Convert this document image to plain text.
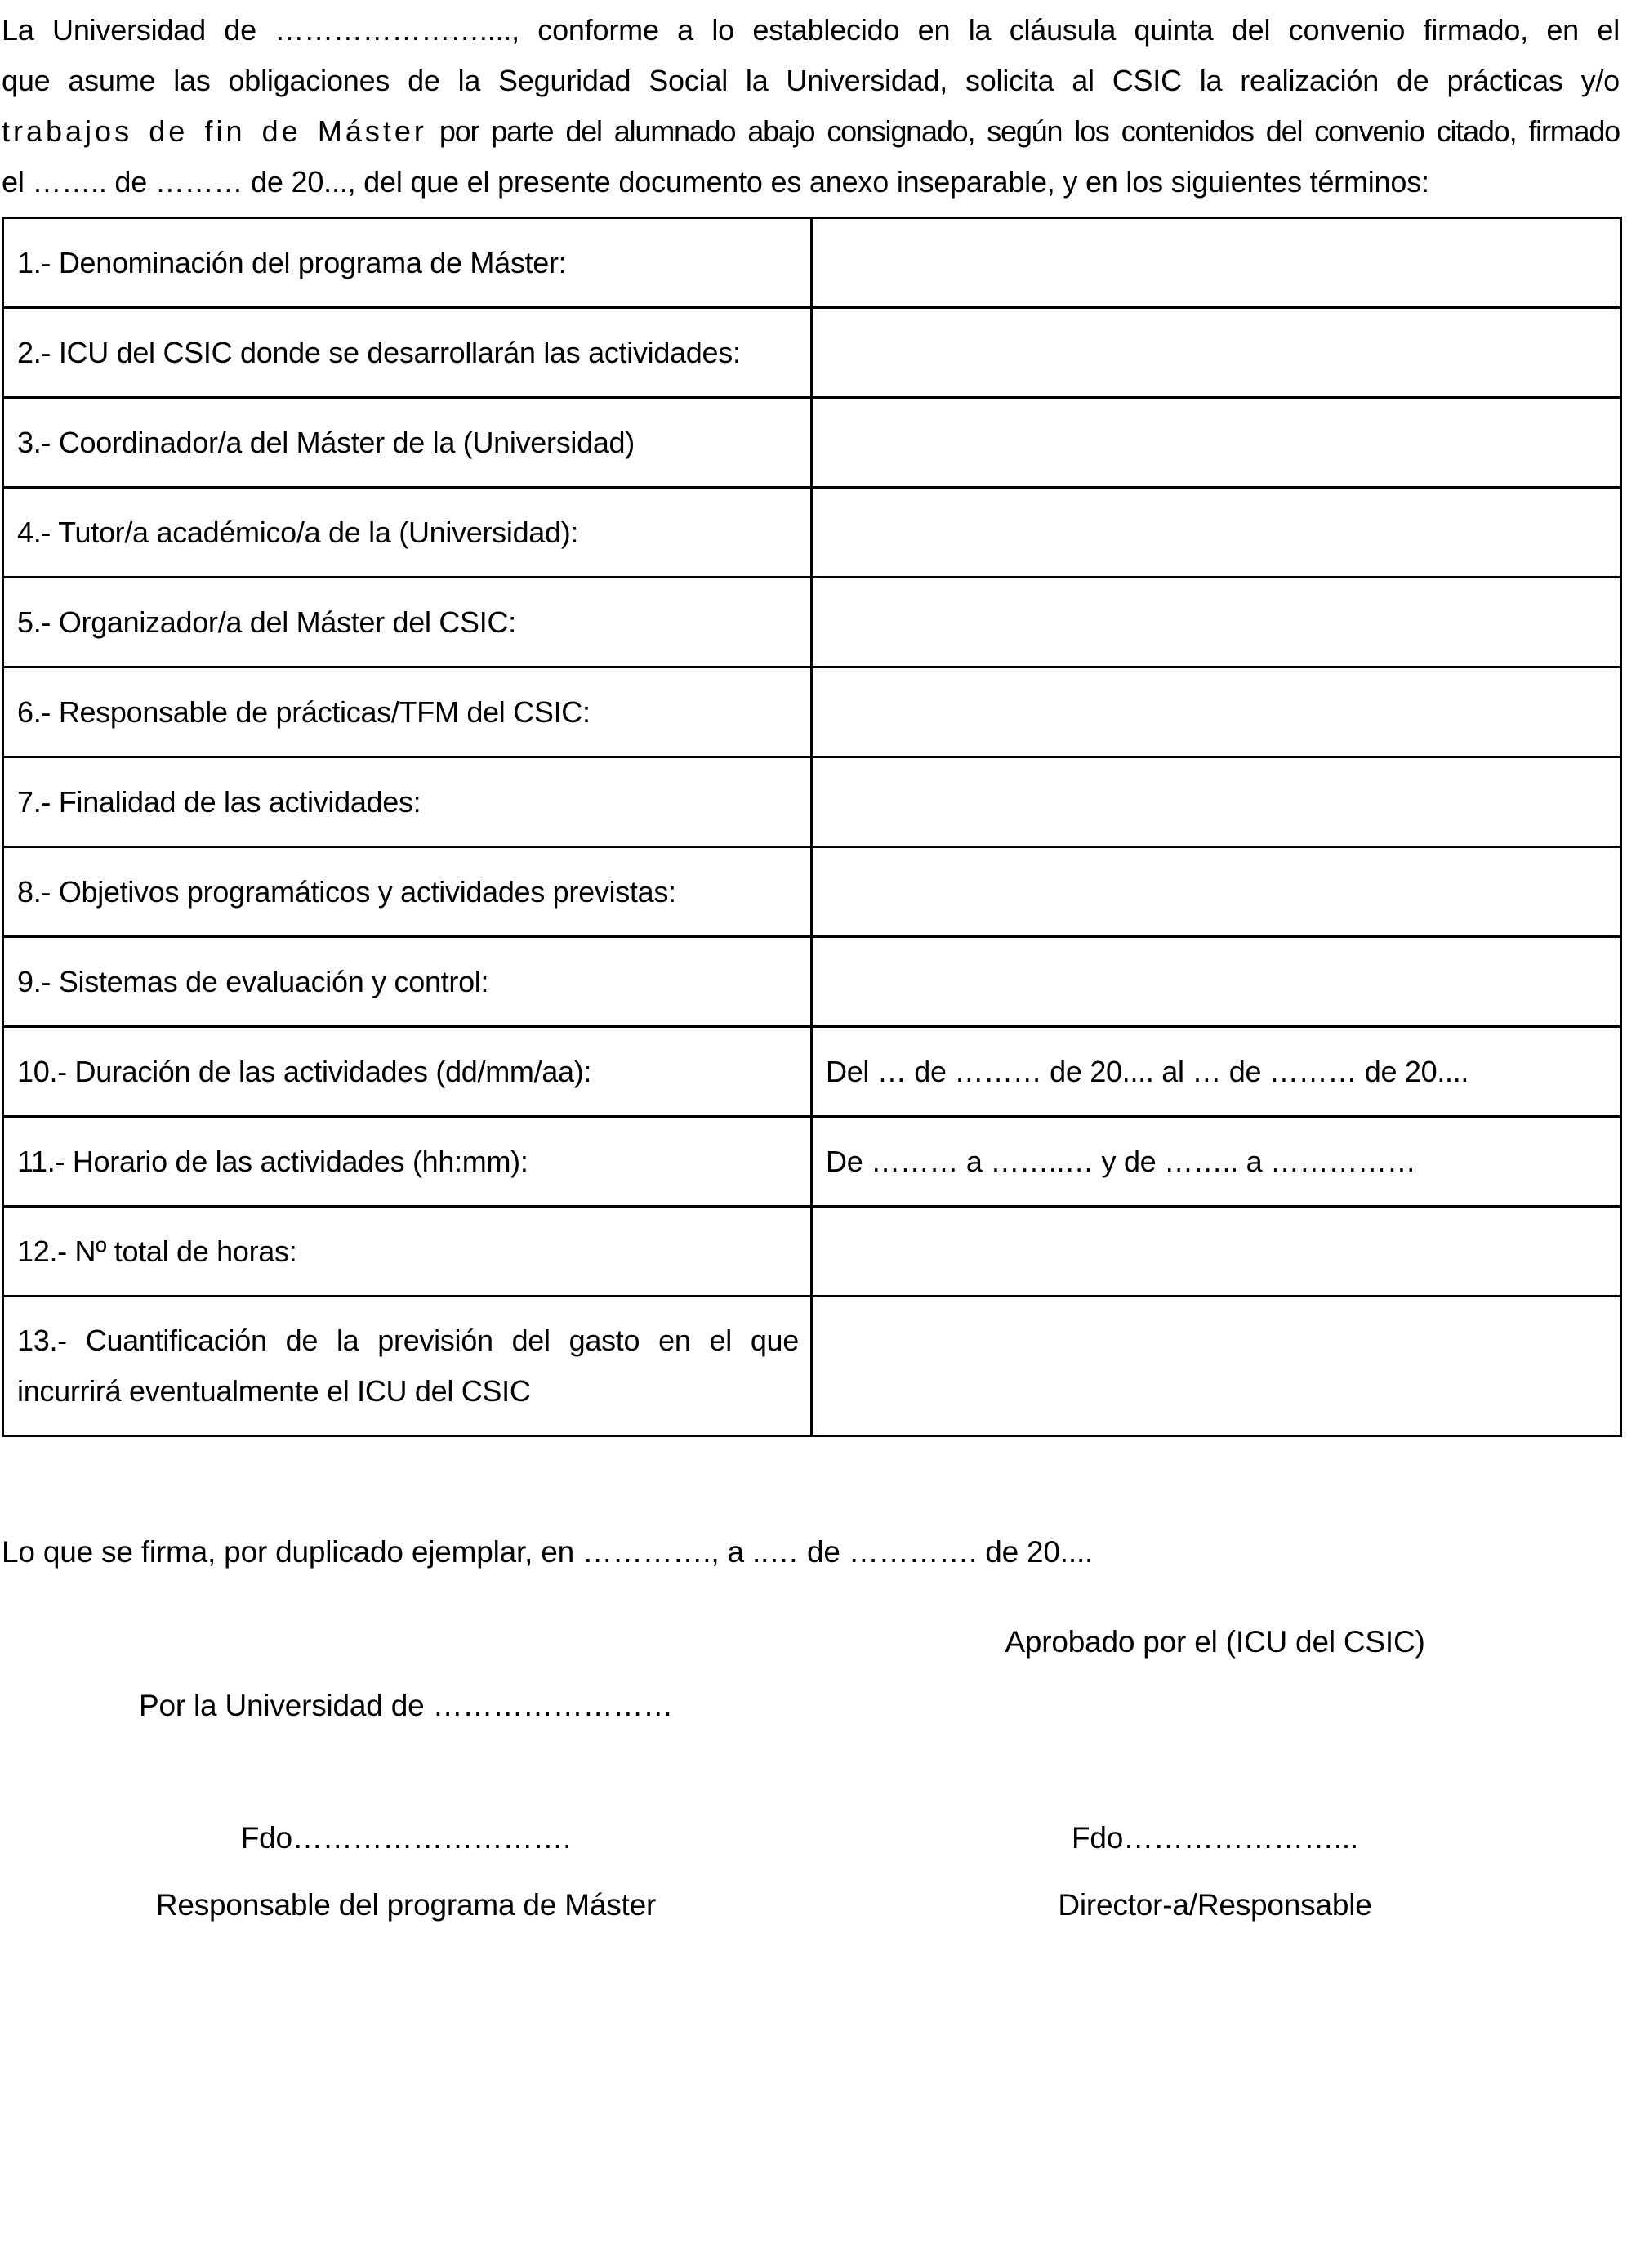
La Universidad de …………………...., conforme a lo establecido en la cláusula quinta del convenio firmado, en el
que asume las obligaciones de la Seguridad Social la Universidad, solicita al CSIC la realización de prácticas y/o
trabajos de fin de Máster por parte del alumnado abajo consignado, según los contenidos del convenio citado, firmado
el …….. de ……… de 20..., del que el presente documento es anexo inseparable, y en los siguientes términos:
1.- Denominación del programa de Máster:	
2.- ICU del CSIC donde se desarrollarán las actividades:	
3.- Coordinador/a del Máster de la (Universidad)	
4.- Tutor/a académico/a de la (Universidad):	
5.- Organizador/a del Máster del CSIC:	
6.- Responsable de prácticas/TFM del CSIC:	
7.- Finalidad de las actividades:	
8.- Objetivos programáticos y actividades previstas:	
9.- Sistemas de evaluación y control:	
10.- Duración de las actividades (dd/mm/aa):	Del … de ……… de 20.... al … de ……… de 20....
11.- Horario de las actividades (hh:mm):	De ……… a ……..… y de …….. a ……………
12.- Nº total de horas:	
13.- Cuantificación de la previsión del gasto en el que incurrirá eventualmente el ICU del CSIC	
Lo que se firma, por duplicado ejemplar, en …………., a ..… de …………. de 20....
Aprobado por el (ICU del CSIC)
Por la Universidad de ……………………
Fdo……………………….	Fdo…………………...
Responsable del programa de Máster	Director-a/Responsable
